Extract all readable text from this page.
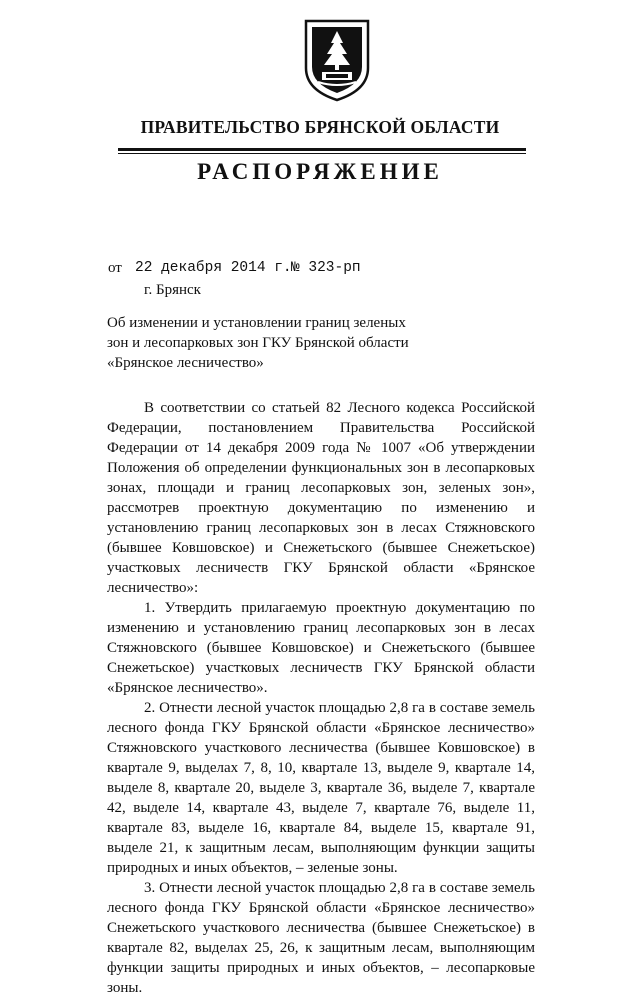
ПРАВИТЕЛЬСТВО БРЯНСКОЙ ОБЛАСТИ
РАСПОРЯЖЕНИЕ
от 22 декабря 2014 г. № 323-рп
г. Брянск
Об изменении и установлении границ зеленых
зон и лесопарковых зон ГКУ Брянской области
«Брянское лесничество»

В соответствии со статьей 82 Лесного кодекса Российской Федерации, постановлением Правительства Российской Федерации от 14 декабря 2009 года № 1007 «Об утверждении Положения об определении функциональных зон в лесопарковых зонах, площади и границ лесопарковых зон, зеленых зон», рассмотрев проектную документацию по изменению и установлению границ лесопарковых зон в лесах Стяжновского (бывшее Ковшовское) и Снежетьского (бывшее Снежетьское) участковых лесничеств ГКУ Брянской области «Брянское лесничество»:

1. Утвердить прилагаемую проектную документацию по изменению и установлению границ лесопарковых зон в лесах Стяжновского (бывшее Ковшовское) и Снежетьского (бывшее Снежетьское) участковых лесничеств ГКУ Брянской области «Брянское лесничество».

2. Отнести лесной участок площадью 2,8 га в составе земель лесного фонда ГКУ Брянской области «Брянское лесничество» Стяжновского участкового лесничества (бывшее Ковшовское) в квартале 9, выделах 7, 8, 10, квартале 13, выделе 9, квартале 14, выделе 8, квартале 20, выделе 3, квартале 36, выделе 7, квартале 42, выделе 14, квартале 43, выделе 7, квартале 76, выделе 11, квартале 83, выделе 16, квартале 84, выделе 15, квартале 91, выделе 21, к защитным лесам, выполняющим функции защиты природных и иных объектов, – зеленые зоны.

3. Отнести лесной участок площадью 2,8 га в составе земель лесного фонда ГКУ Брянской области «Брянское лесничество» Снежетьского участкового лесничества (бывшее Снежетьское) в квартале 82, выделах 25, 26, к защитным лесам, выполняющим функции защиты природных и иных объектов, – лесопарковые зоны.
